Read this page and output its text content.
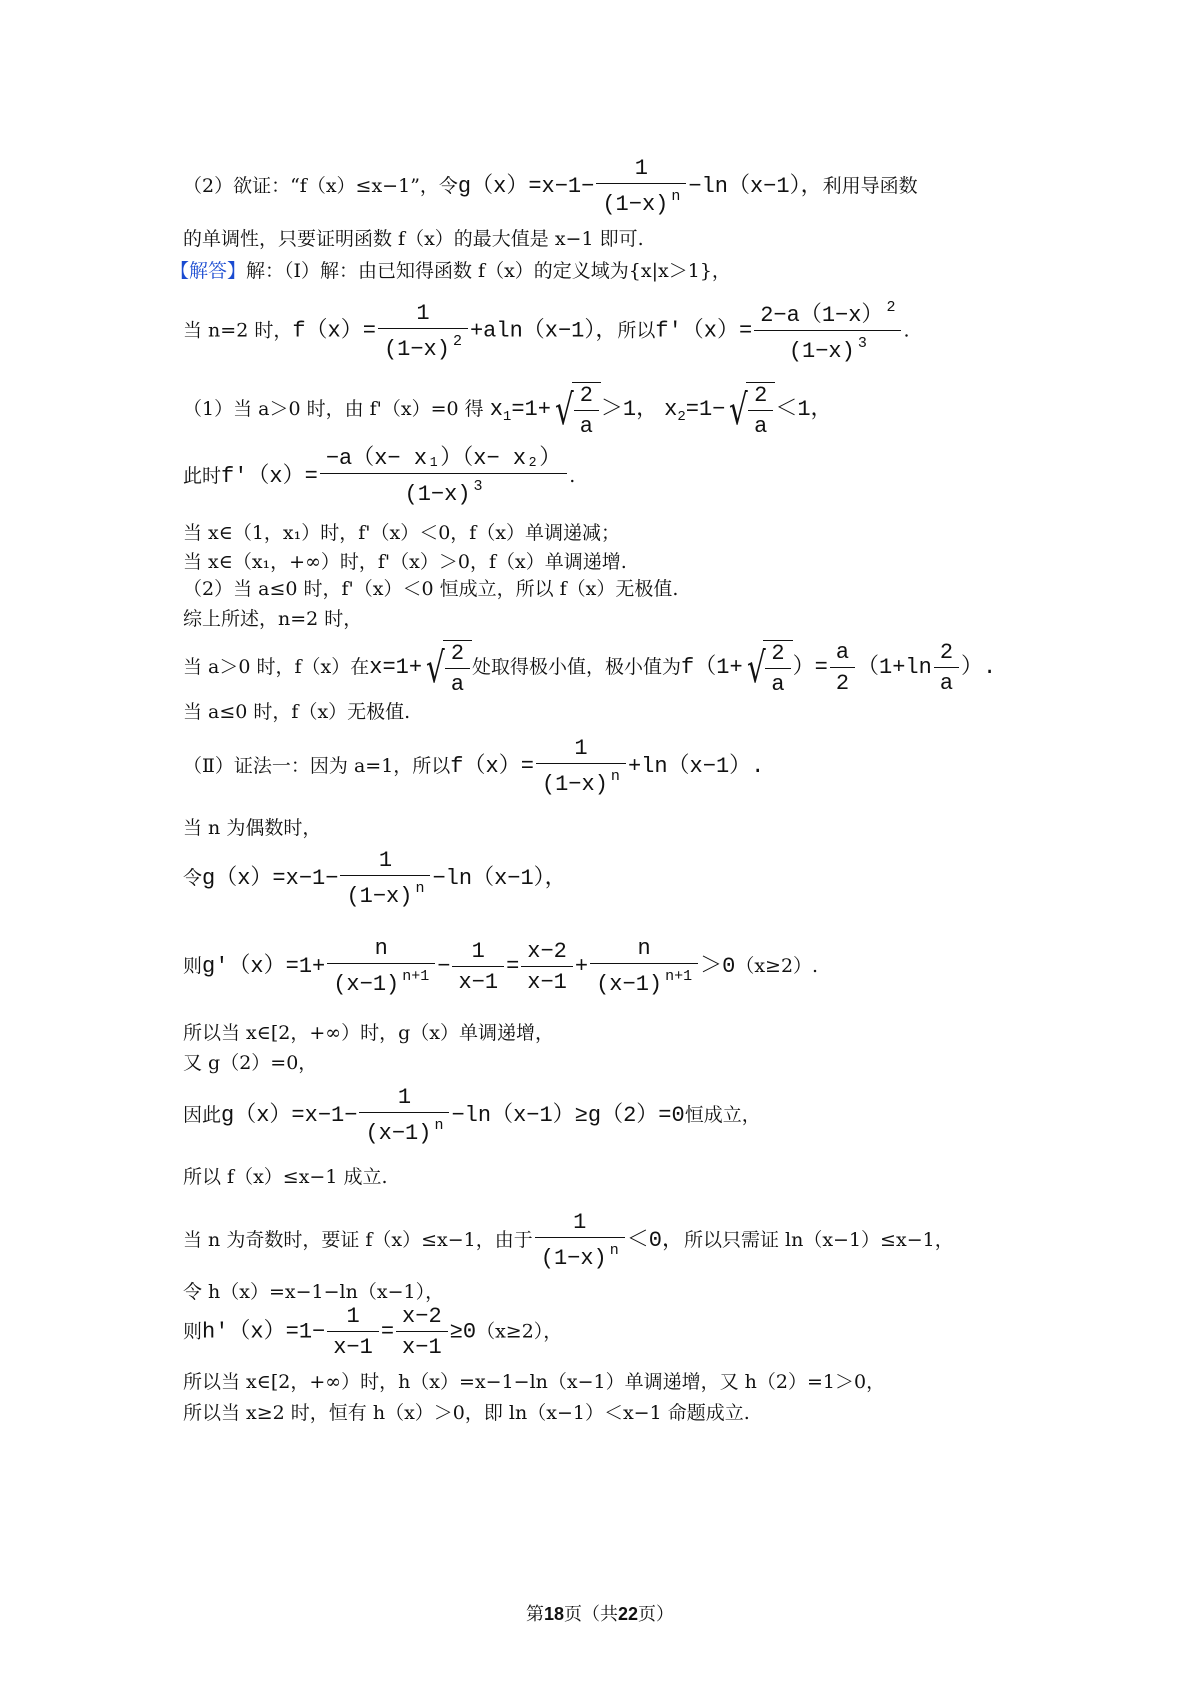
（2）欲证：“f（x）≤x−1”，令$g(x)=x-1- \frac{1}{(1-x) ^n} -\ln(x-1)$，利用导函数
的单调性，只要证明函数 f（x）的最大值是 x−1 即可.
【解答】解：（Ⅰ）解：由已知得函数 f（x）的定义域为{x|x＞1}，
当 n=2 时，$f(x)= \frac{1}{(1-x) ^2} +aln(x-1)$，所以$f'(x)= \frac{2-a(1-x) ^2}{(1-x) ^3}$ .
（1）当 a＞0 时，由 f'（x）=0 得 $x_1=1+√ \frac{2}{a} >1$， $x_2=1-√ \frac{2}{a} <1$，
此时$f'(x)= \frac{\text{−a（x− x₁）（x− x₂）}}{(1-x) ^3}$ .
当 x∈（1，x₁）时，f'（x）＜0，f（x）单调递减；
当 x∈（x₁，+∞）时，f'（x）＞0，f（x）单调递增.
（2）当 a≤0 时，f'（x）＜0 恒成立，所以 f（x）无极值.
综上所述，n=2 时，
当 a＞0 时，f（x）在$x=1+√ \frac{2}{a}$ 处取得极小值，极小值为$f(1+√ \frac{2}{a}$ ）= $\frac{a}{2} (1+\ln \frac{2}{a}$ ）.
当 a≤0 时，f（x）无极值.
（Ⅱ）证法一：因为 a=1，所以$f(x)= \frac{1}{(1-x) ^n} +\ln(x-1)$.
当 n 为偶数时，
令$g(x)=x-1- \frac{1}{(1-x) ^n} -\ln(x-1)$，
则$g'(x)=1+ \frac{n}{(x-1) ^{n+1}} - \frac{1}{x-1} = \frac{x-2}{x-1} + \frac{n}{(x-1) ^{n+1}} >0(x\ge 2)$.
所以当 x∈[2，+∞）时，g（x）单调递增，
又 g（2）=0，
因此$g(x)=x-1- \frac{1}{(x-1) ^n} -\ln(x-1)\ge g(2)=0$恒成立，
所以 f（x）≤x−1 成立.
当 n 为奇数时，要证 f（x）≤x−1，由于 $\frac{1}{(1-x) ^n} <0$，所以只需证 ln（x−1）≤x−1，
令 h（x）=x−1−ln（x−1），
则$h'(x)=1- \frac{1}{x-1} = \frac{x-2}{x-1} \ge 0(x\ge 2)$，
所以当 x∈[2，+∞）时，h（x）=x−1−ln（x−1）单调递增，又 h（2）=1＞0，
所以当 x≥2 时，恒有 h（x）＞0，即 ln（x−1）＜x−1 命题成立.
第18页（共22页）
